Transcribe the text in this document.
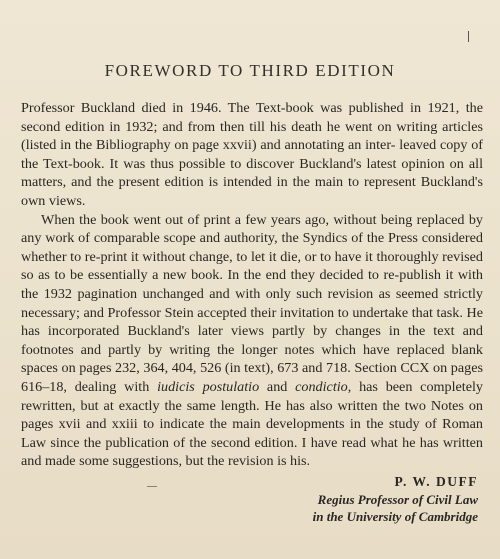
FOREWORD TO THIRD EDITION

Professor Buckland died in 1946. The Text-book was published in 1921, the second edition in 1932; and from then till his death he went on writing articles (listed in the Bibliography on page xxvii) and annotating an inter- leaved copy of the Text-book. It was thus possible to discover Buckland's latest opinion on all matters, and the present edition is intended in the main to represent Buckland's own views.

When the book went out of print a few years ago, without being replaced by any work of comparable scope and authority, the Syndics of the Press considered whether to re-print it without change, to let it die, or to have it thoroughly revised so as to be essentially a new book. In the end they decided to re-publish it with the 1932 pagination unchanged and with only such revision as seemed strictly necessary; and Professor Stein accepted their invitation to undertake that task. He has incorporated Buckland's later views partly by changes in the text and footnotes and partly by writing the longer notes which have replaced blank spaces on pages 232, 364, 404, 526 (in text), 673 and 718. Section CCX on pages 616–18, dealing with iudicis postulatio and condictio, has been completely rewritten, but at exactly the same length. He has also written the two Notes on pages xvii and xxiii to indicate the main developments in the study of Roman Law since the publication of the second edition. I have read what he has written and made some suggestions, but the revision is his.

P. W. DUFF
Regius Professor of Civil Law
in the University of Cambridge
